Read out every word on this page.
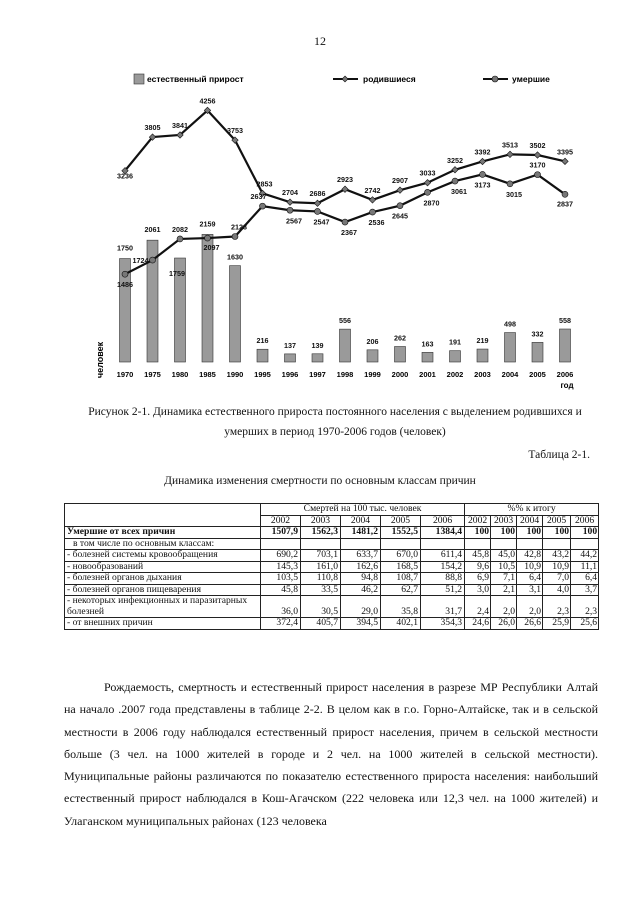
12
естественный прирост	родившиеся	умершие
человек
3236
3805 3841
4256
3753
2853
2704 2686
2923
2742
2907
3033
3252
3392
3513 3502
3395
1486
1724
2082
2097
2123
2637
2567 2547
2367
2536
2645
2870
3061
3173
3015
3170
2837
1750
2061
1759
2159
1630
216
137 139
556
206 262
163 191 219
498
332
558
1970 1975 1980 1985 1990 1995 1996 1997 1998 1999 2000 2001 2002 2003 2004 2005 2006
год
Рисунок 2-1. Динамика естественного прироста постоянного населения с выделением родившихся и умерших в период 1970-2006 годов (человек)
Таблица 2-1.
Динамика изменения смертности по основным классам причин
	Смертей на 100 тыс. человек					%% к итогу				
	2002	2003	2004	2005	2006	2002	2003	2004	2005	2006
Умершие от всех причин	1507,9	1562,3	1481,2	1552,5	1384,4	100	100	100	100	100
в том числе по основным классам:										
- болезней системы кровообращения	690,2	703,1	633,7	670,0	611,4	45,8	45,0	42,8	43,2	44,2
- новообразований	145,3	161,0	162,6	168,5	154,2	9,6	10,5	10,9	10,9	11,1
- болезней органов дыхания	103,5	110,8	94,8	108,7	88,8	6,9	7,1	6,4	7,0	6,4
- болезней органов пищеварения	45,8	33,5	46,2	62,7	51,2	3,0	2,1	3,1	4,0	3,7
- некоторых инфекционных и паразитарных болезней	36,0	30,5	29,0	35,8	31,7	2,4	2,0	2,0	2,3	2,3
- от внешних причин	372,4	405,7	394,5	402,1	354,3	24,6	26,0	26,6	25,9	25,6

Рождаемость, смертность и естественный прирост населения в разрезе МР Республики Алтай на начало .2007 года представлены в таблице 2-2. В целом как в г.о. Горно-Алтайске, так и в сельской местности в 2006 году наблюдался естественный прирост населения, причем в сельской местности больше (3 чел. на 1000 жителей в городе и 2 чел. на 1000 жителей в сельской местности). Муниципальные районы различаются по показателю естественного прироста населения: наибольший естественный прирост наблюдался в Кош-Агачском (222 человека или 12,3 чел. на 1000 жителей) и Улаганском муниципальных районах (123 человека
